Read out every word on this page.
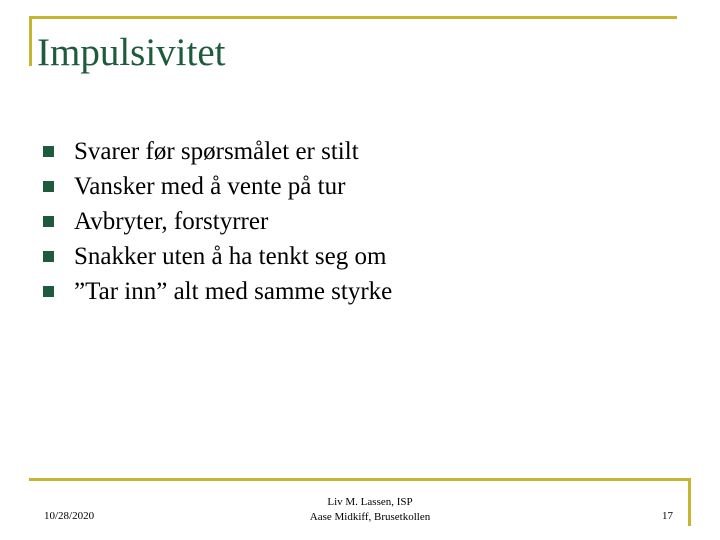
Impulsivitet
Svarer før spørsmålet er stilt
Vansker med å vente på tur
Avbryter, forstyrrer
Snakker uten å ha tenkt seg om
”Tar inn” alt med samme styrke
10/28/2020
Liv M. Lassen, ISP
Aase Midkiff, Brusetkollen	17
